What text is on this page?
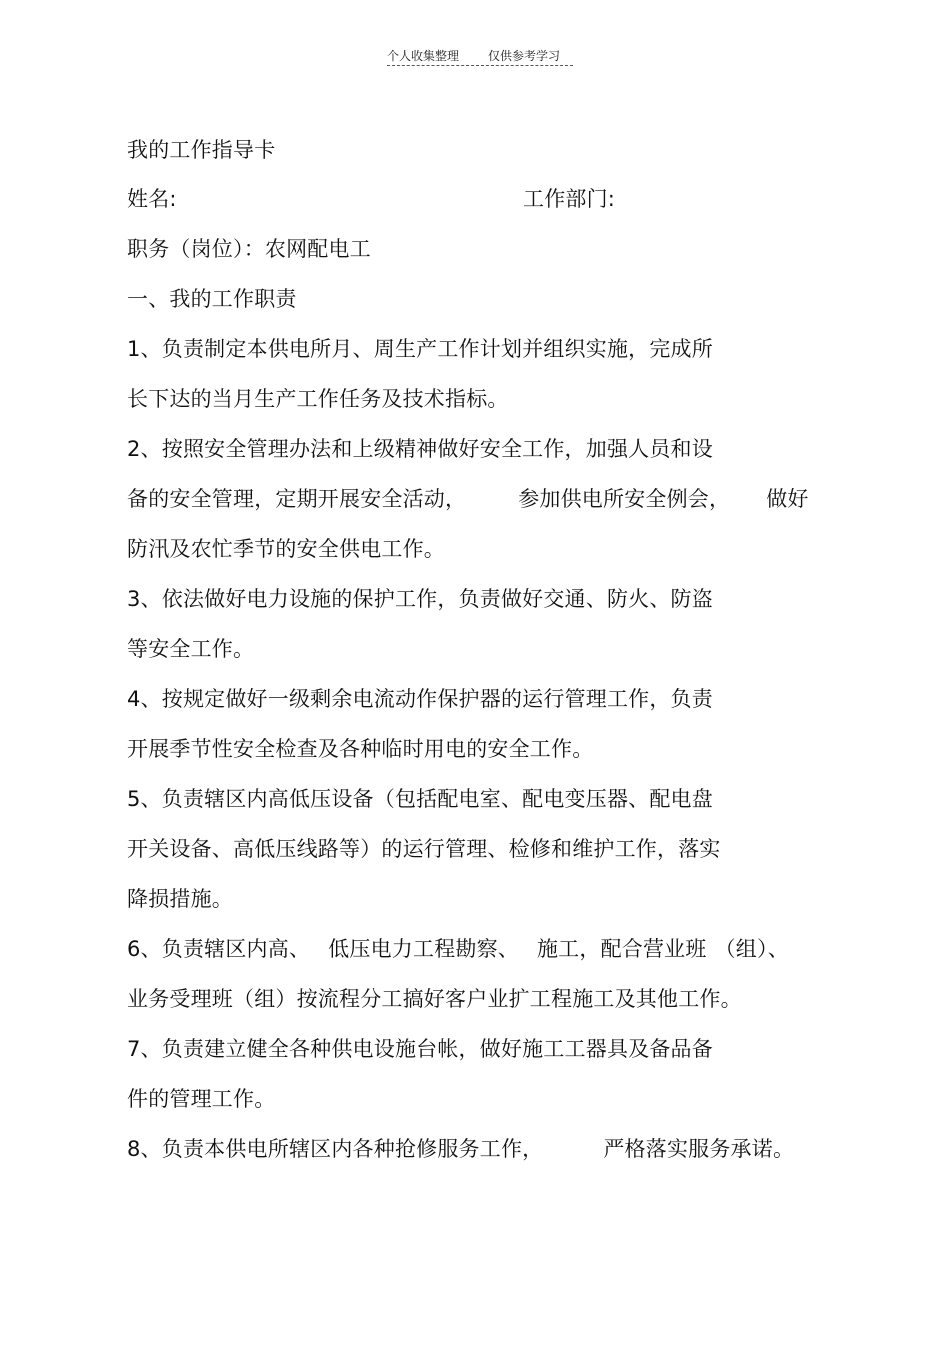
个人收集整理 仅供参考学习
我的工作指导卡
姓名:	工作部门:
职务（岗位）：农网配电工
一、我的工作职责
1、负责制定本供电所月、周生产工作计划并组织实施，完成所
长下达的当月生产工作任务及技术指标。
2、按照安全管理办法和上级精神做好安全工作，加强人员和设
备的安全管理，定期开展安全活动， 参加供电所安全例会， 做好
防汛及农忙季节的安全供电工作。
3、依法做好电力设施的保护工作，负责做好交通、防火、防盗
等安全工作。
4、按规定做好一级剩余电流动作保护器的运行管理工作，负责
开展季节性安全检查及各种临时用电的安全工作。
5、负责辖区内高低压设备（包括配电室、配电变压器、配电盘
开关设备、高低压线路等）的运行管理、检修和维护工作，落实
降损措施。
6、负责辖区内高、 低压电力工程勘察、 施工，配合营业班 （组）、
业务受理班（组）按流程分工搞好客户业扩工程施工及其他工作。
7、负责建立健全各种供电设施台帐，做好施工工器具及备品备
件的管理工作。
8、负责本供电所辖区内各种抢修服务工作，	严格落实服务承诺。
